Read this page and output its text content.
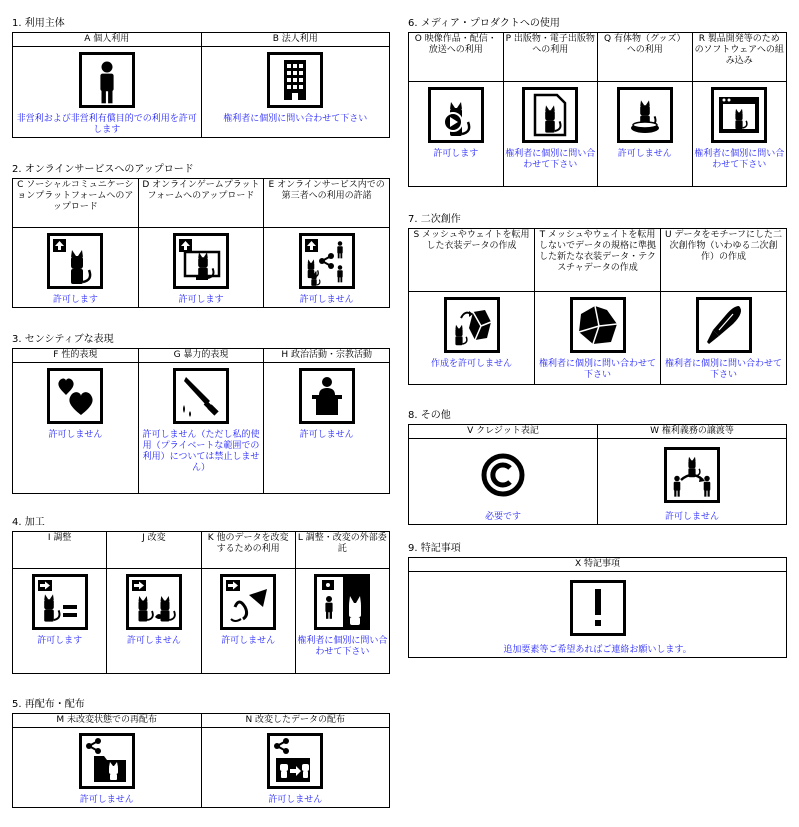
1. 利用主体
A 個人利用	B 法人利用

非営利および非営利有償目的での利用を許可します	権利者に個別に問い合わせて下さい
2. オンラインサービスへのアップロード
C ソーシャルコミュニケーションプラットフォームへのアップロード	D オンラインゲームプラットフォームへのアップロード	E オンラインサービス内での第三者への利用の許諾

許可します	許可します	許可しません
3. センシティブな表現
F 性的表現	G 暴力的表現	H 政治活動・宗教活動

許可しません	許可しません（ただし私的使用（プライベートな範囲での利用）については禁止しません）	許可しません
4. 加工
I 調整	J 改変	K 他のデータを改変するための利用	L 調整・改変の外部委託

許可します	許可しません	許可しません	権利者に個別に問い合わせて下さい
5. 再配布・配布
M 未改変状態での再配布	N 改変したデータの配布

許可しません	許可しません
6. メディア・プロダクトへの使用
O 映像作品・配信・放送への利用	P 出版物・電子出版物への利用	Q 有体物（グッズ）への利用	R 製品開発等のためのソフトウェアへの組み込み

許可します	権利者に個別に問い合わせて下さい	許可しません	権利者に個別に問い合わせて下さい
7. 二次創作
S メッシュやウェイトを転用した衣装データの作成	T メッシュやウェイトを転用しないでデータの規格に準拠した新たな衣装データ・テクスチャデータの作成	U データをモチーフにした二次創作物（いわゆる二次創作）の作成

作成を許可しません	権利者に個別に問い合わせて下さい	権利者に個別に問い合わせて下さい
8. その他
V クレジット表記	W 権利義務の譲渡等

必要です	許可しません
9. 特記事項
X 特記事項

追加要素等ご希望あればご連絡お願いします。
